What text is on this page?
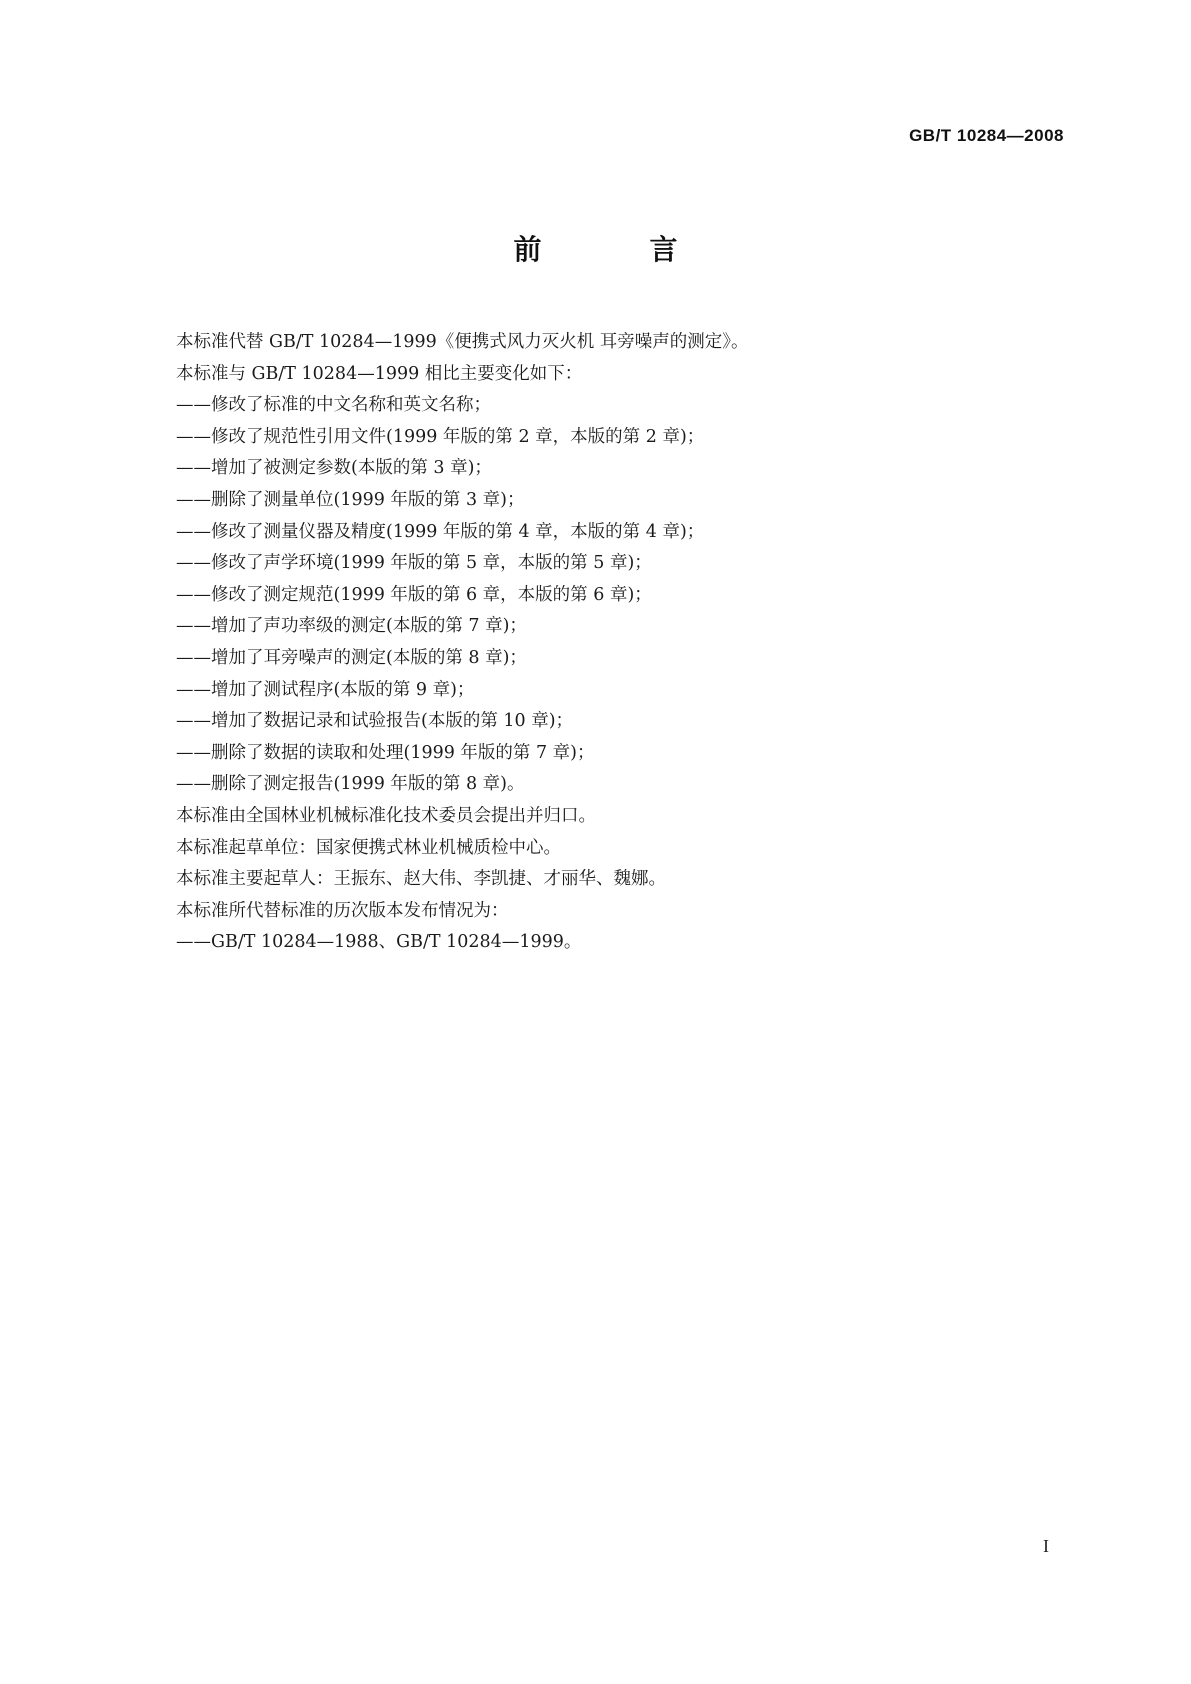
GB/T 10284—2008
前　言
本标准代替 GB/T 10284—1999《便携式风力灭火机 耳旁噪声的测定》。
本标准与 GB/T 10284—1999 相比主要变化如下：
——修改了标准的中文名称和英文名称；
——修改了规范性引用文件(1999 年版的第 2 章，本版的第 2 章)；
——增加了被测定参数(本版的第 3 章)；
——删除了测量单位(1999 年版的第 3 章)；
——修改了测量仪器及精度(1999 年版的第 4 章，本版的第 4 章)；
——修改了声学环境(1999 年版的第 5 章，本版的第 5 章)；
——修改了测定规范(1999 年版的第 6 章，本版的第 6 章)；
——增加了声功率级的测定(本版的第 7 章)；
——增加了耳旁噪声的测定(本版的第 8 章)；
——增加了测试程序(本版的第 9 章)；
——增加了数据记录和试验报告(本版的第 10 章)；
——删除了数据的读取和处理(1999 年版的第 7 章)；
——删除了测定报告(1999 年版的第 8 章)。
本标准由全国林业机械标准化技术委员会提出并归口。
本标准起草单位：国家便携式林业机械质检中心。
本标准主要起草人：王振东、赵大伟、李凯捷、才丽华、魏娜。
本标准所代替标准的历次版本发布情况为：
——GB/T 10284—1988、GB/T 10284—1999。
I
